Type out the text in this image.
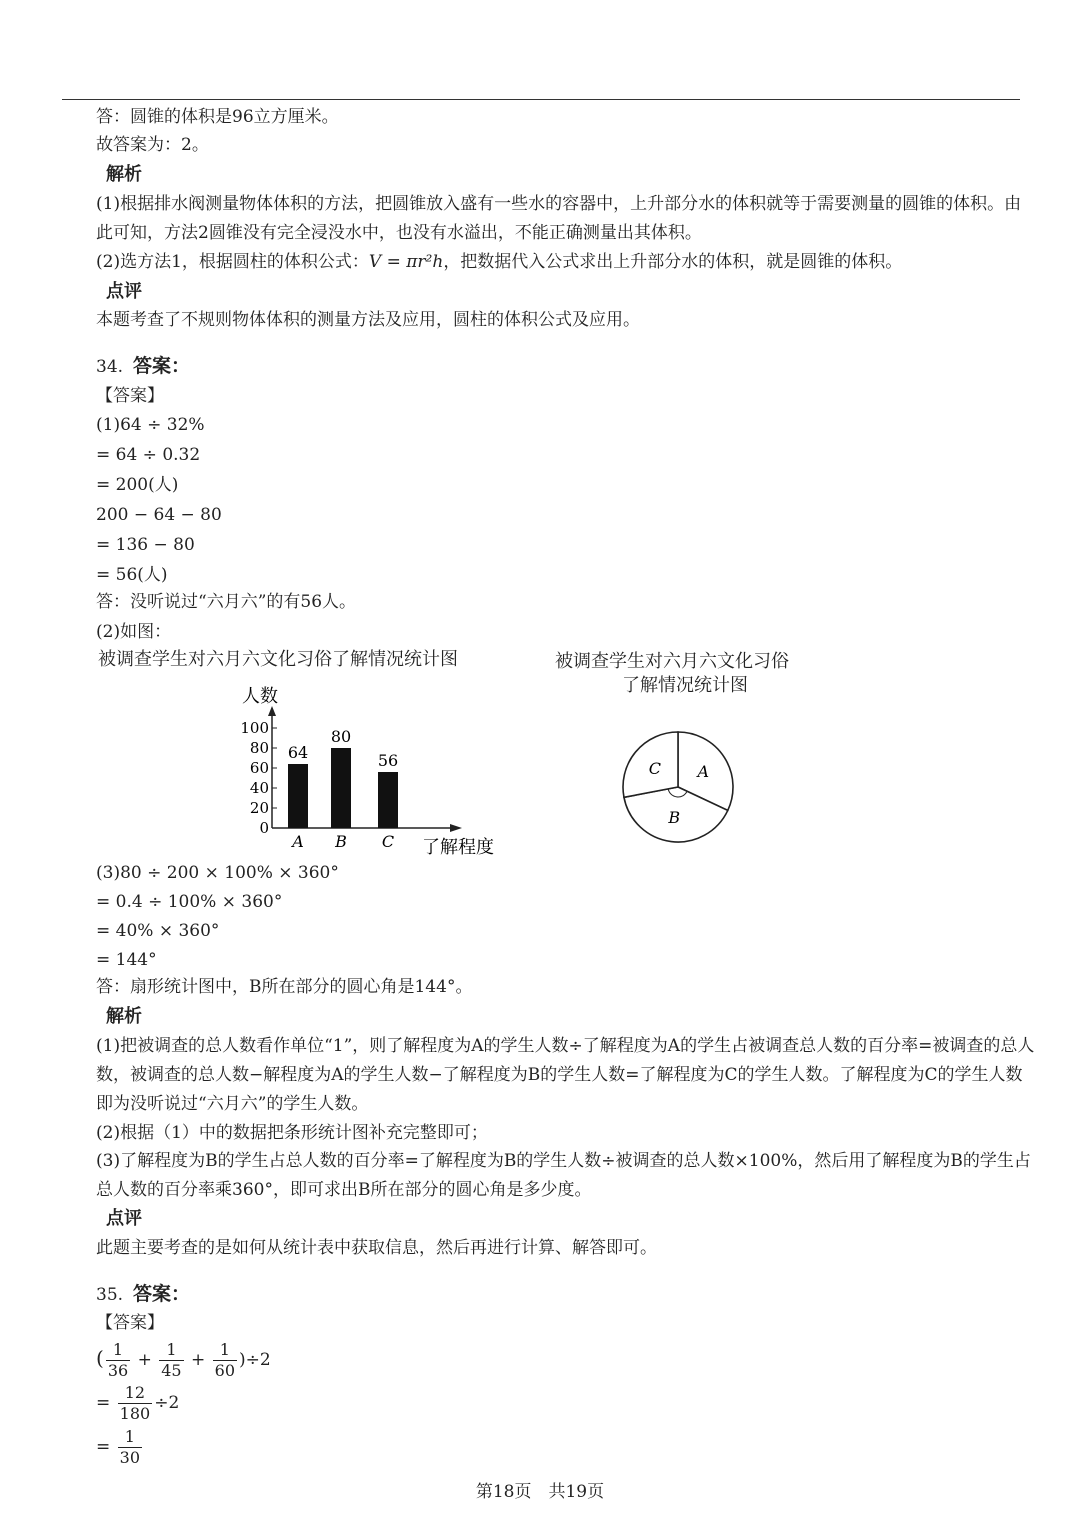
答：圆锥的体积是96立方厘米。
故答案为：2。
解析
(1)根据排水阀测量物体体积的方法，把圆锥放入盛有一些水的容器中，上升部分水的体积就等于需要测量的圆锥的体积。由此可知，方法2圆锥没有完全浸没水中，也没有水溢出，不能正确测量出其体积。
(2)选方法1，根据圆柱的体积公式：V = πr²h，把数据代入公式求出上升部分水的体积，就是圆锥的体积。
点评
本题考查了不规则物体体积的测量方法及应用，圆柱的体积公式及应用。
34. 答案：
【答案】
(1)64 ÷ 32%
= 64 ÷ 0.32
= 200(人)
200 − 64 − 80
= 136 − 80
= 56(人)
答：没听说过“六月六”的有56人。
(2)如图：
被调查学生对六月六文化习俗了解情况统计图
人数
了解程度
0
20
40
60
80
100
64
A
80
B
56
C
被调查学生对六月六文化习俗
了解情况统计图
A
B
C
(3)80 ÷ 200 × 100% × 360°
= 0.4 ÷ 100% × 360°
= 40% × 360°
= 144°
答：扇形统计图中，B所在部分的圆心角是144°。
解析
(1)把被调查的总人数看作单位“1”，则了解程度为A的学生人数÷了解程度为A的学生占被调查总人数的百分率=被调查的总人数，被调查的总人数−解程度为A的学生人数−了解程度为B的学生人数=了解程度为C的学生人数。了解程度为C的学生人数即为没听说过“六月六”的学生人数。
(2)根据（1）中的数据把条形统计图补充完整即可；
(3)了解程度为B的学生占总人数的百分率=了解程度为B的学生人数÷被调查的总人数×100%，然后用了解程度为B的学生占总人数的百分率乘360°，即可求出B所在部分的圆心角是多少度。
点评
此题主要考查的是如何从统计表中获取信息，然后再进行计算、解答即可。
35. 答案：
【答案】
( $\frac{1}{36} + \frac{1}{45} + \frac{1}{60} )\div 2$
= $\frac{12}{180} \div 2$
= $\frac{1}{30}$
第18页　共19页
